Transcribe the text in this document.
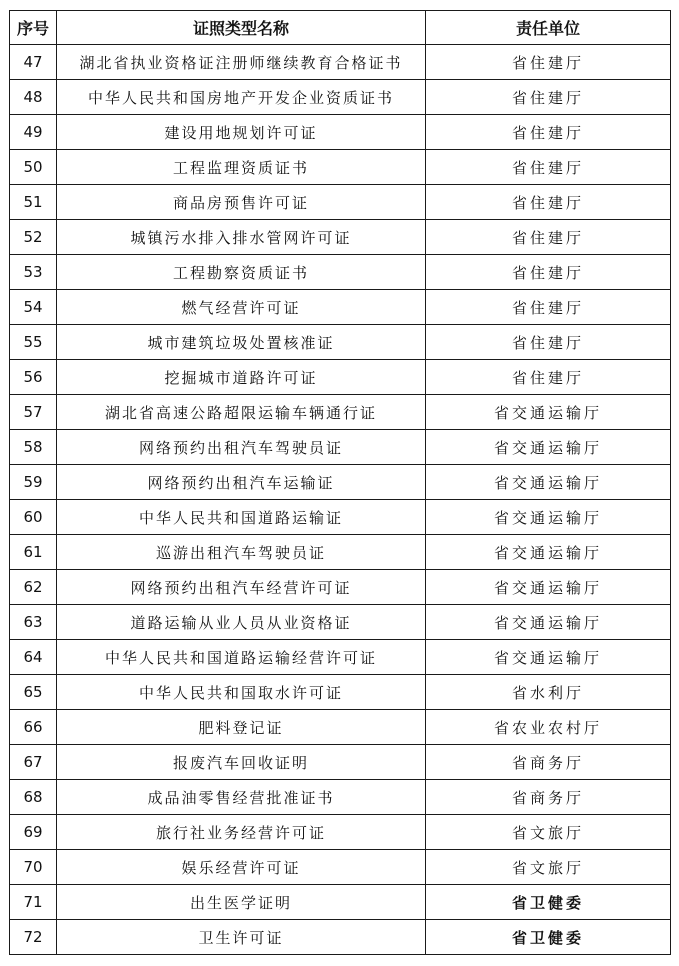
序号	证照类型名称	责任单位
47	湖北省执业资格证注册师继续教育合格证书	省住建厅
48	中华人民共和国房地产开发企业资质证书	省住建厅
49	建设用地规划许可证	省住建厅
50	工程监理资质证书	省住建厅
51	商品房预售许可证	省住建厅
52	城镇污水排入排水管网许可证	省住建厅
53	工程勘察资质证书	省住建厅
54	燃气经营许可证	省住建厅
55	城市建筑垃圾处置核准证	省住建厅
56	挖掘城市道路许可证	省住建厅
57	湖北省高速公路超限运输车辆通行证	省交通运输厅
58	网络预约出租汽车驾驶员证	省交通运输厅
59	网络预约出租汽车运输证	省交通运输厅
60	中华人民共和国道路运输证	省交通运输厅
61	巡游出租汽车驾驶员证	省交通运输厅
62	网络预约出租汽车经营许可证	省交通运输厅
63	道路运输从业人员从业资格证	省交通运输厅
64	中华人民共和国道路运输经营许可证	省交通运输厅
65	中华人民共和国取水许可证	省水利厅
66	肥料登记证	省农业农村厅
67	报废汽车回收证明	省商务厅
68	成品油零售经营批准证书	省商务厅
69	旅行社业务经营许可证	省文旅厅
70	娱乐经营许可证	省文旅厅
71	出生医学证明	省卫健委
72	卫生许可证	省卫健委
